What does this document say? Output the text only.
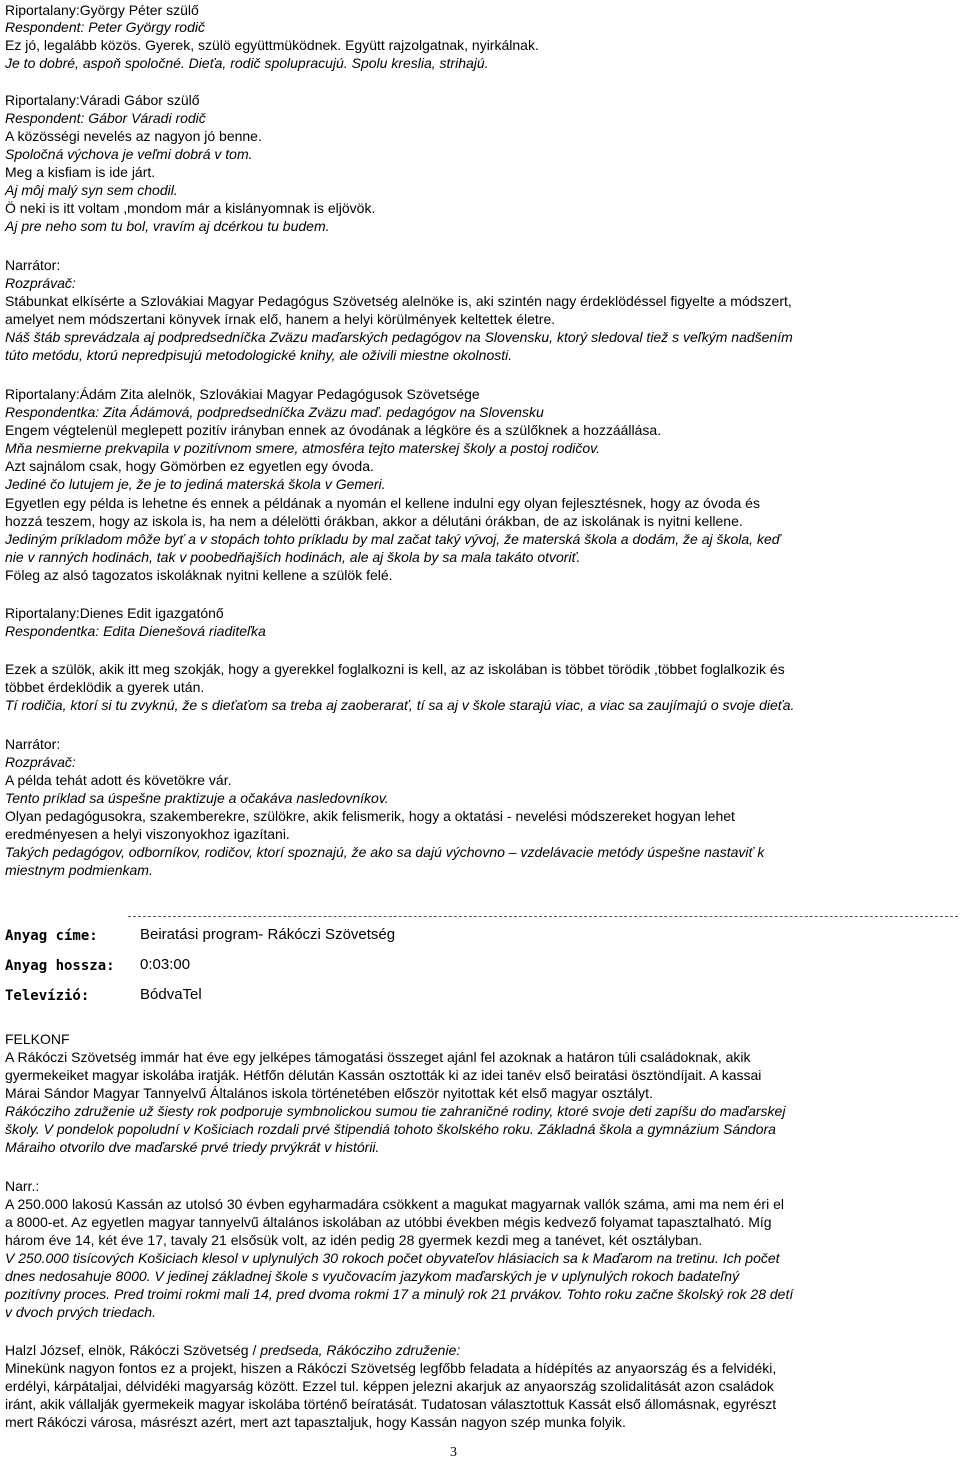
Riportalany:György Péter szülő
Respondent: Peter György rodič
Ez jó, legalább közös. Gyerek, szülö együttmüködnek. Együtt rajzolgatnak, nyirkálnak.
Je to dobré, aspoň spoločné. Dieťa, rodič spolupracujú. Spolu kreslia, strihajú.
Riportalany:Váradi Gábor szülő
Respondent: Gábor Váradi rodič
A közösségi nevelés az nagyon jó benne.
Spoločná výchova je veľmi dobrá v tom.
Meg a kisfiam is ide járt.
Aj môj malý syn sem chodil.
Ö neki is itt voltam ,mondom már a kislányomnak is eljövök.
Aj pre neho som tu bol, vravím aj dcérkou tu budem.
Narrátor:
Rozprávač:
Stábunkat elkísérte a Szlovákiai Magyar Pedagógus Szövetség alelnöke is, aki szintén nagy érdeklödéssel figyelte a módszert,
amelyet nem módszertani könyvek írnak elő, hanem a helyi körülmények keltettek életre.
Náš štáb sprevádzala aj podpredsedníčka Zväzu maďarských pedagógov na Slovensku, ktorý sledoval tiež s veľkým nadšením
túto metódu, ktorú nepredpisujú metodologické knihy, ale oživili miestne okolnosti.
Riportalany:Ádám Zita alelnök, Szlovákiai Magyar Pedagógusok Szövetsége
Respondentka: Zita Ádámová, podpredsedníčka Zväzu maď. pedagógov na Slovensku
Engem végtelenül meglepett pozitív irányban ennek az óvodának a légköre és a szülőknek a hozzáállása.
Mňa nesmierne prekvapila v pozitívnom smere, atmosféra tejto materskej školy a postoj rodičov.
Azt sajnálom csak, hogy Gömörben ez egyetlen egy óvoda.
Jediné čo lutujem je, že je to jediná materská škola v Gemeri.
Egyetlen egy példa is lehetne és ennek a példának a nyomán el kellene indulni egy olyan fejlesztésnek, hogy az óvoda és
hozzá teszem, hogy az iskola is, ha nem a délelötti órákban, akkor a délutáni órákban, de az iskolának is nyitni kellene.
Jediným príkladom môže byť a v stopách tohto príkladu by mal začat taký vývoj, že materská škola a dodám, že aj škola, keď
nie v ranných hodinách, tak v poobedňajších hodinách, ale aj škola by sa mala takáto otvoriť.
Föleg az alsó tagozatos iskoláknak nyitni kellene a szülök felé.
Riportalany:Dienes Edit igazgatónő
Respondentka: Edita Dienešová riaditeľka
Ezek a szülök, akik itt meg szokják, hogy a gyerekkel foglalkozni is kell, az az iskolában is többet törödik ,többet foglalkozik és
többet érdeklödik a gyerek után.
Tí rodičia, ktorí si tu zvyknú, že s dieťaťom sa treba aj zaoberarať, tí sa aj v škole starajú viac, a viac sa zaujímajú o svoje dieťa.
Narrátor:
Rozprávač:
A példa tehát adott és követökre vár.
Tento príklad sa úspešne praktizuje a očakáva nasledovníkov.
Olyan pedagógusokra, szakemberekre, szülökre, akik felismerik, hogy a oktatási - nevelési módszereket hogyan lehet
eredményesen a helyi viszonyokhoz igazítani.
Takých pedagógov, odborníkov, rodičov, ktorí spoznajú, že ako sa dajú výchovno – vzdelávacie metódy úspešne nastaviť k
miestnym podmienkam.
FELKONF
A Rákóczi Szövetség immár hat éve egy jelképes támogatási összeget ajánl fel azoknak a határon túli családoknak, akik
gyermekeiket magyar iskolába iratják. Hétfőn délután Kassán osztották ki az idei tanév első beiratási ösztöndíjait. A kassai
Márai Sándor Magyar Tannyelvű Általános iskola történetében először nyitottak két első magyar osztályt.
Rákócziho združenie už šiesty rok podporuje symbnolickou sumou tie zahraničné rodiny, ktoré svoje deti zapíšu do maďarskej
školy. V pondelok popoludní v Košiciach rozdali prvé štipendiá tohoto školského roku. Základná škola a gymnázium Sándora
Máraiho otvorilo dve maďarské prvé triedy prvýkrát v histórii.
Narr.:
A 250.000 lakosú Kassán az utolsó 30 évben egyharmadára csökkent a magukat magyarnak vallók száma, ami ma nem éri el
a 8000-et. Az egyetlen magyar tannyelvű általános iskolában az utóbbi években mégis kedvező folyamat tapasztalható. Míg
három éve 14, két éve 17, tavaly 21 elsősük volt, az idén pedig 28 gyermek kezdi meg a tanévet, két osztályban.
V 250.000 tisícových Košiciach klesol v uplynulých 30 rokoch počet obyvateľov hlásiacich sa k Maďarom na tretinu. Ich počet
dnes nedosahuje 8000. V jedinej základnej škole s vyučovacím jazykom maďarských je v uplynulých rokoch badateľný
pozitívny proces. Pred troimi rokmi mali 14, pred dvoma rokmi 17 a minulý rok 21 prvákov. Tohto roku začne školský rok 28 detí
v dvoch prvých triedach.
Halzl József, elnök, Rákóczi Szövetség / predseda, Rákócziho združenie:
Minekünk nagyon fontos ez a projekt, hiszen a Rákóczi Szövetség legfőbb feladata a hídépítés az anyaország és a felvidéki,
erdélyi, kárpátaljai, délvidéki magyarság között. Ezzel tul. képpen jelezni akarjuk az anyaország szolidalitását azon családok
iránt, akik vállalják gyermekeik magyar iskolába történő beíratását. Tudatosan választottuk Kassát első állomásnak, egyrészt
mert Rákóczi városa, másrészt azért, mert azt tapasztaljuk, hogy Kassán nagyon szép munka folyik.
Anyag címe:	Beiratási program- Rákóczi Szövetség
Anyag hossza: 0:03:00
Televízió:	BódvaTel
3
